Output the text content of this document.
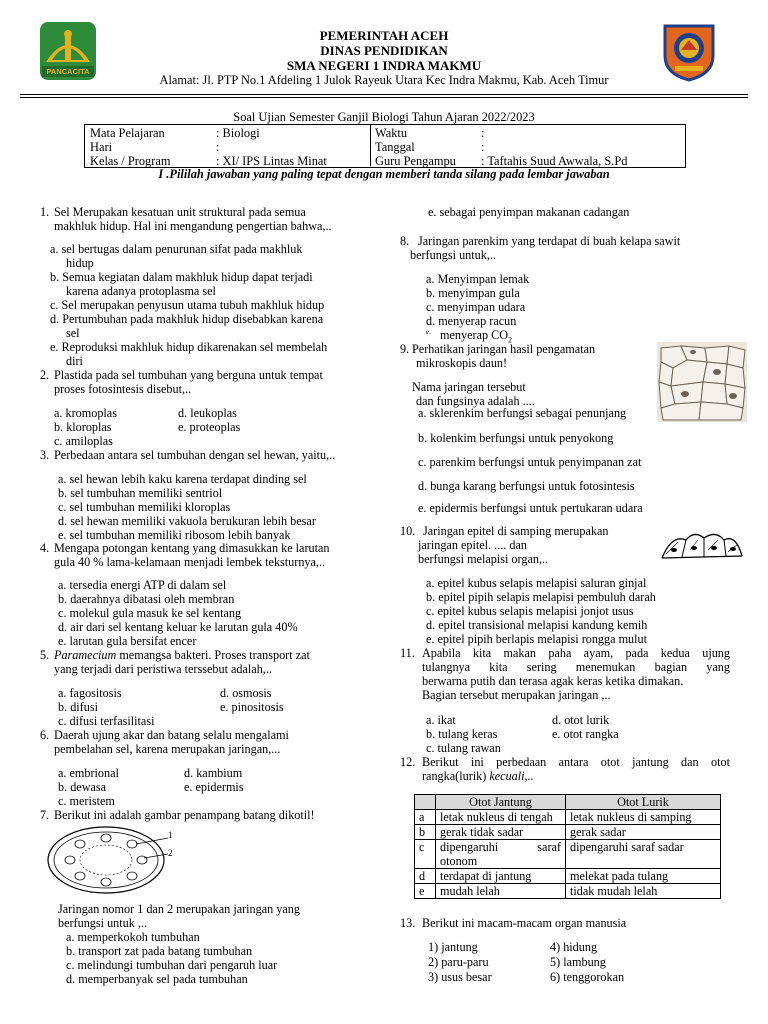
PANCACITA
PEMERINTAH ACEH
DINAS PENDIDIKAN
SMA NEGERI 1 INDRA MAKMU
Alamat: Jl. PTP No.1 Afdeling 1 Julok Rayeuk Utara Kec Indra Makmu, Kab. Aceh Timur
Soal Ujian Semester Ganjil Biologi Tahun Ajaran 2022/2023
Mata Pelajaran	: Biologi
Hari	:
Kelas / Program	: XI/ IPS Lintas Minat
Waktu	:
Tanggal	:
Guru Pengampu	: Taftahis Suud Awwala, S.Pd
I .Pililah jawaban yang paling tepat dengan memberi tanda silang pada lembar jawaban
1. Sel Merupakan kesatuan unit struktural pada semua
makhluk hidup. Hal ini mengandung pengertian bahwa,..
a. sel bertugas dalam penurunan sifat pada makhluk
hidup
b. Semua kegiatan dalam makhluk hidup dapat terjadi
karena adanya protoplasma sel
c. Sel merupakan penyusun utama tubuh makhluk hidup
d. Pertumbuhan pada makhluk hidup disebabkan karena
sel
e. Reproduksi makhluk hidup dikarenakan sel membelah
diri
2. Plastida pada sel tumbuhan yang berguna untuk tempat
proses fotosintesis disebut,..
a. kromoplas	d. leukoplas
b. kloroplas	e. proteoplas
c. amiloplas
3. Perbedaan antara sel tumbuhan dengan sel hewan, yaitu,..
a. sel hewan lebih kaku karena terdapat dinding sel
b. sel tumbuhan memiliki sentriol
c. sel tumbuhan memiliki kloroplas
d. sel hewan memiliki vakuola berukuran lebih besar
e. sel tumbuhan memiliki ribosom lebih banyak
4. Mengapa potongan kentang yang dimasukkan ke larutan
gula 40 % lama-kelamaan menjadi lembek teksturnya,..
a. tersedia energi ATP di dalam sel
b. daerahnya dibatasi oleh membran
c. molekul gula masuk ke sel kentang
d. air dari sel kentang keluar ke larutan gula 40%
e. larutan gula bersifat encer
5. Paramecium memangsa bakteri. Proses transport zat
yang terjadi dari peristiwa terssebut adalah,..
a. fagositosis	d. osmosis
b. difusi	e. pinositosis
c. difusi terfasilitasi
6. Daerah ujung akar dan batang selalu mengalami
pembelahan sel, karena merupakan jaringan,...
a. embrional	d. kambium
b. dewasa	e. epidermis
c. meristem
7. Berikut ini adalah gambar penampang batang dikotil!
1
2
Jaringan nomor 1 dan 2 merupakan jaringan yang
berfungsi untuk ,..
a. memperkokoh tumbuhan
b. transport zat pada batang tumbuhan
c. melindungi tumbuhan dari pengaruh luar
d. memperbanyak sel pada tumbuhan
e. sebagai penyimpan makanan cadangan
8. Jaringan parenkim yang terdapat di buah kelapa sawit
berfungsi untuk,..
a. Menyimpan lemak
b. menyimpan gula
c. menyimpan udara
d. menyerap racun
e. menyerap $CO_2$
9. Perhatikan jaringan hasil pengamatan
mikroskopis daun!
Nama jaringan tersebut
dan fungsinya adalah ....
a. sklerenkim berfungsi sebagai penunjang
b. kolenkim berfungsi untuk penyokong
c. parenkim berfungsi untuk penyimpanan zat
d. bunga karang berfungsi untuk fotosintesis
e. epidermis berfungsi untuk pertukaran udara
10. Jaringan epitel di samping merupakan
jaringan epitel. .... dan
berfungsi melapisi organ,..
a. epitel kubus selapis melapisi saluran ginjal
b. epitel pipih selapis melapisi pembuluh darah
c. epitel kubus selapis melapisi jonjot usus
d. epitel transisional melapisi kandung kemih
e. epitel pipih berlapis melapisi rongga mulut
11. Apabila kita makan paha ayam, pada kedua ujung
tulangnya kita sering menemukan bagian yang
berwarna putih dan terasa agak keras ketika dimakan.
Bagian tersebut merupakan jaringan ,..
a. ikat	d. otot lurik
b. tulang keras	e. otot rangka
c. tulang rawan
12. Berikut ini perbedaan antara otot jantung dan otot
rangka(lurik) kecuali,..
	Otot Jantung	Otot Lurik
a	letak nukleus di tengah	letak nukleus di samping
b	gerak tidak sadar	gerak sadar
c	dipengaruhi saraf otonom	dipengaruhi saraf sadar
d	terdapat di jantung	melekat pada tulang
e	mudah lelah	tidak mudah lelah
13. Berikut ini macam-macam organ manusia
1) jantung	4) hidung
2) paru-paru	5) lambung
3) usus besar	6) tenggorokan
